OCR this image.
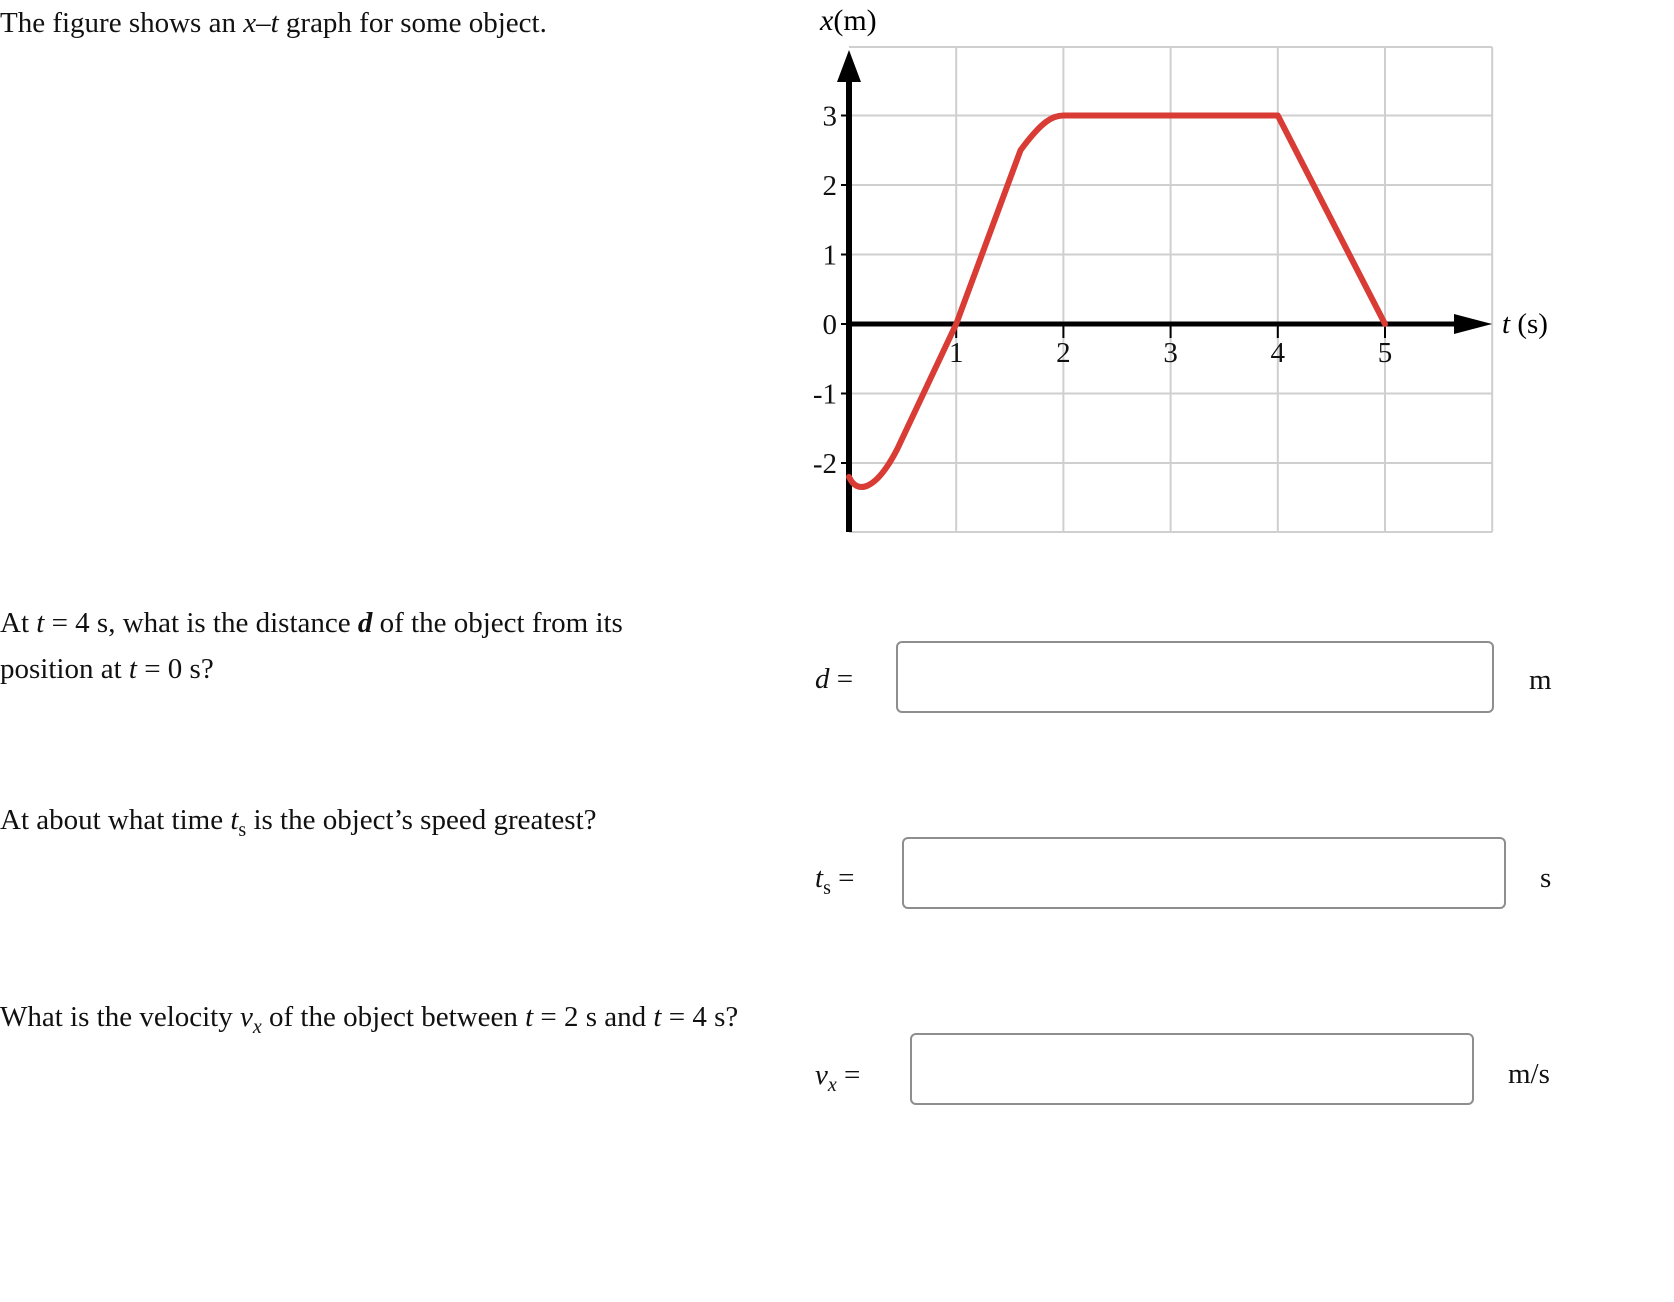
The figure shows an x–t graph for some object.
1	2	3	4	5
3
2
1
0
-1
-2
x(m)
t (s)
At t = 4 s, what is the distance d of the object from its position at t = 0 s?	d =	m
At about what time $t_s$ is the object’s speed greatest?
$t_s$ =	s
What is the velocity $v_x$ of the object between t = 2 s and t = 4 s?
$v_x$ =	m/s
